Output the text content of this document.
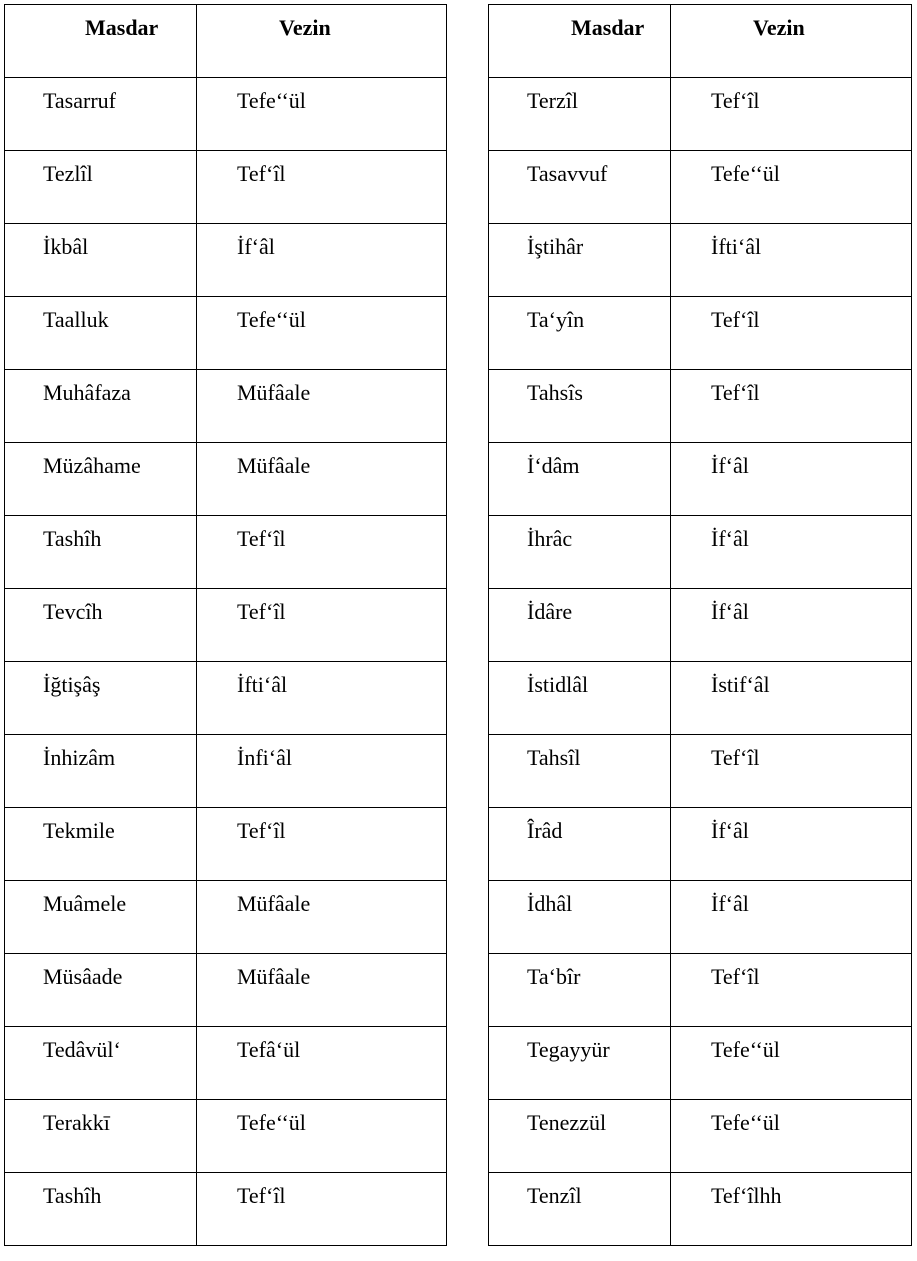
Masdar	Vezin
Tasarruf	Tefe‘‘ül
Tezlîl	Tef‘îl
İkbâl	İf‘âl
Taalluk	Tefe‘‘ül
Muhâfaza	Müfâale
Müzâhame	Müfâale
Tashîh	Tef‘îl
Tevcîh	Tef‘îl
İğtişâş	İfti‘âl
İnhizâm	İnfi‘âl
Tekmile	Tef‘îl
Muâmele	Müfâale
Müsâade	Müfâale
Tedâvül‘	Tefâ‘ül
Terakkī	Tefe‘‘ül
Tashîh	Tef‘îl
Masdar	Vezin
Terzîl	Tef‘îl
Tasavvuf	Tefe‘‘ül
İştihâr	İfti‘âl
Ta‘yîn	Tef‘îl
Tahsîs	Tef‘îl
İ‘dâm	İf‘âl
İhrâc	İf‘âl
İdâre	İf‘âl
İstidlâl	İstif‘âl
Tahsîl	Tef‘îl
Îrâd	İf‘âl
İdhâl	İf‘âl
Ta‘bîr	Tef‘îl
Tegayyür	Tefe‘‘ül
Tenezzül	Tefe‘‘ül
Tenzîl	Tef‘îlhh
